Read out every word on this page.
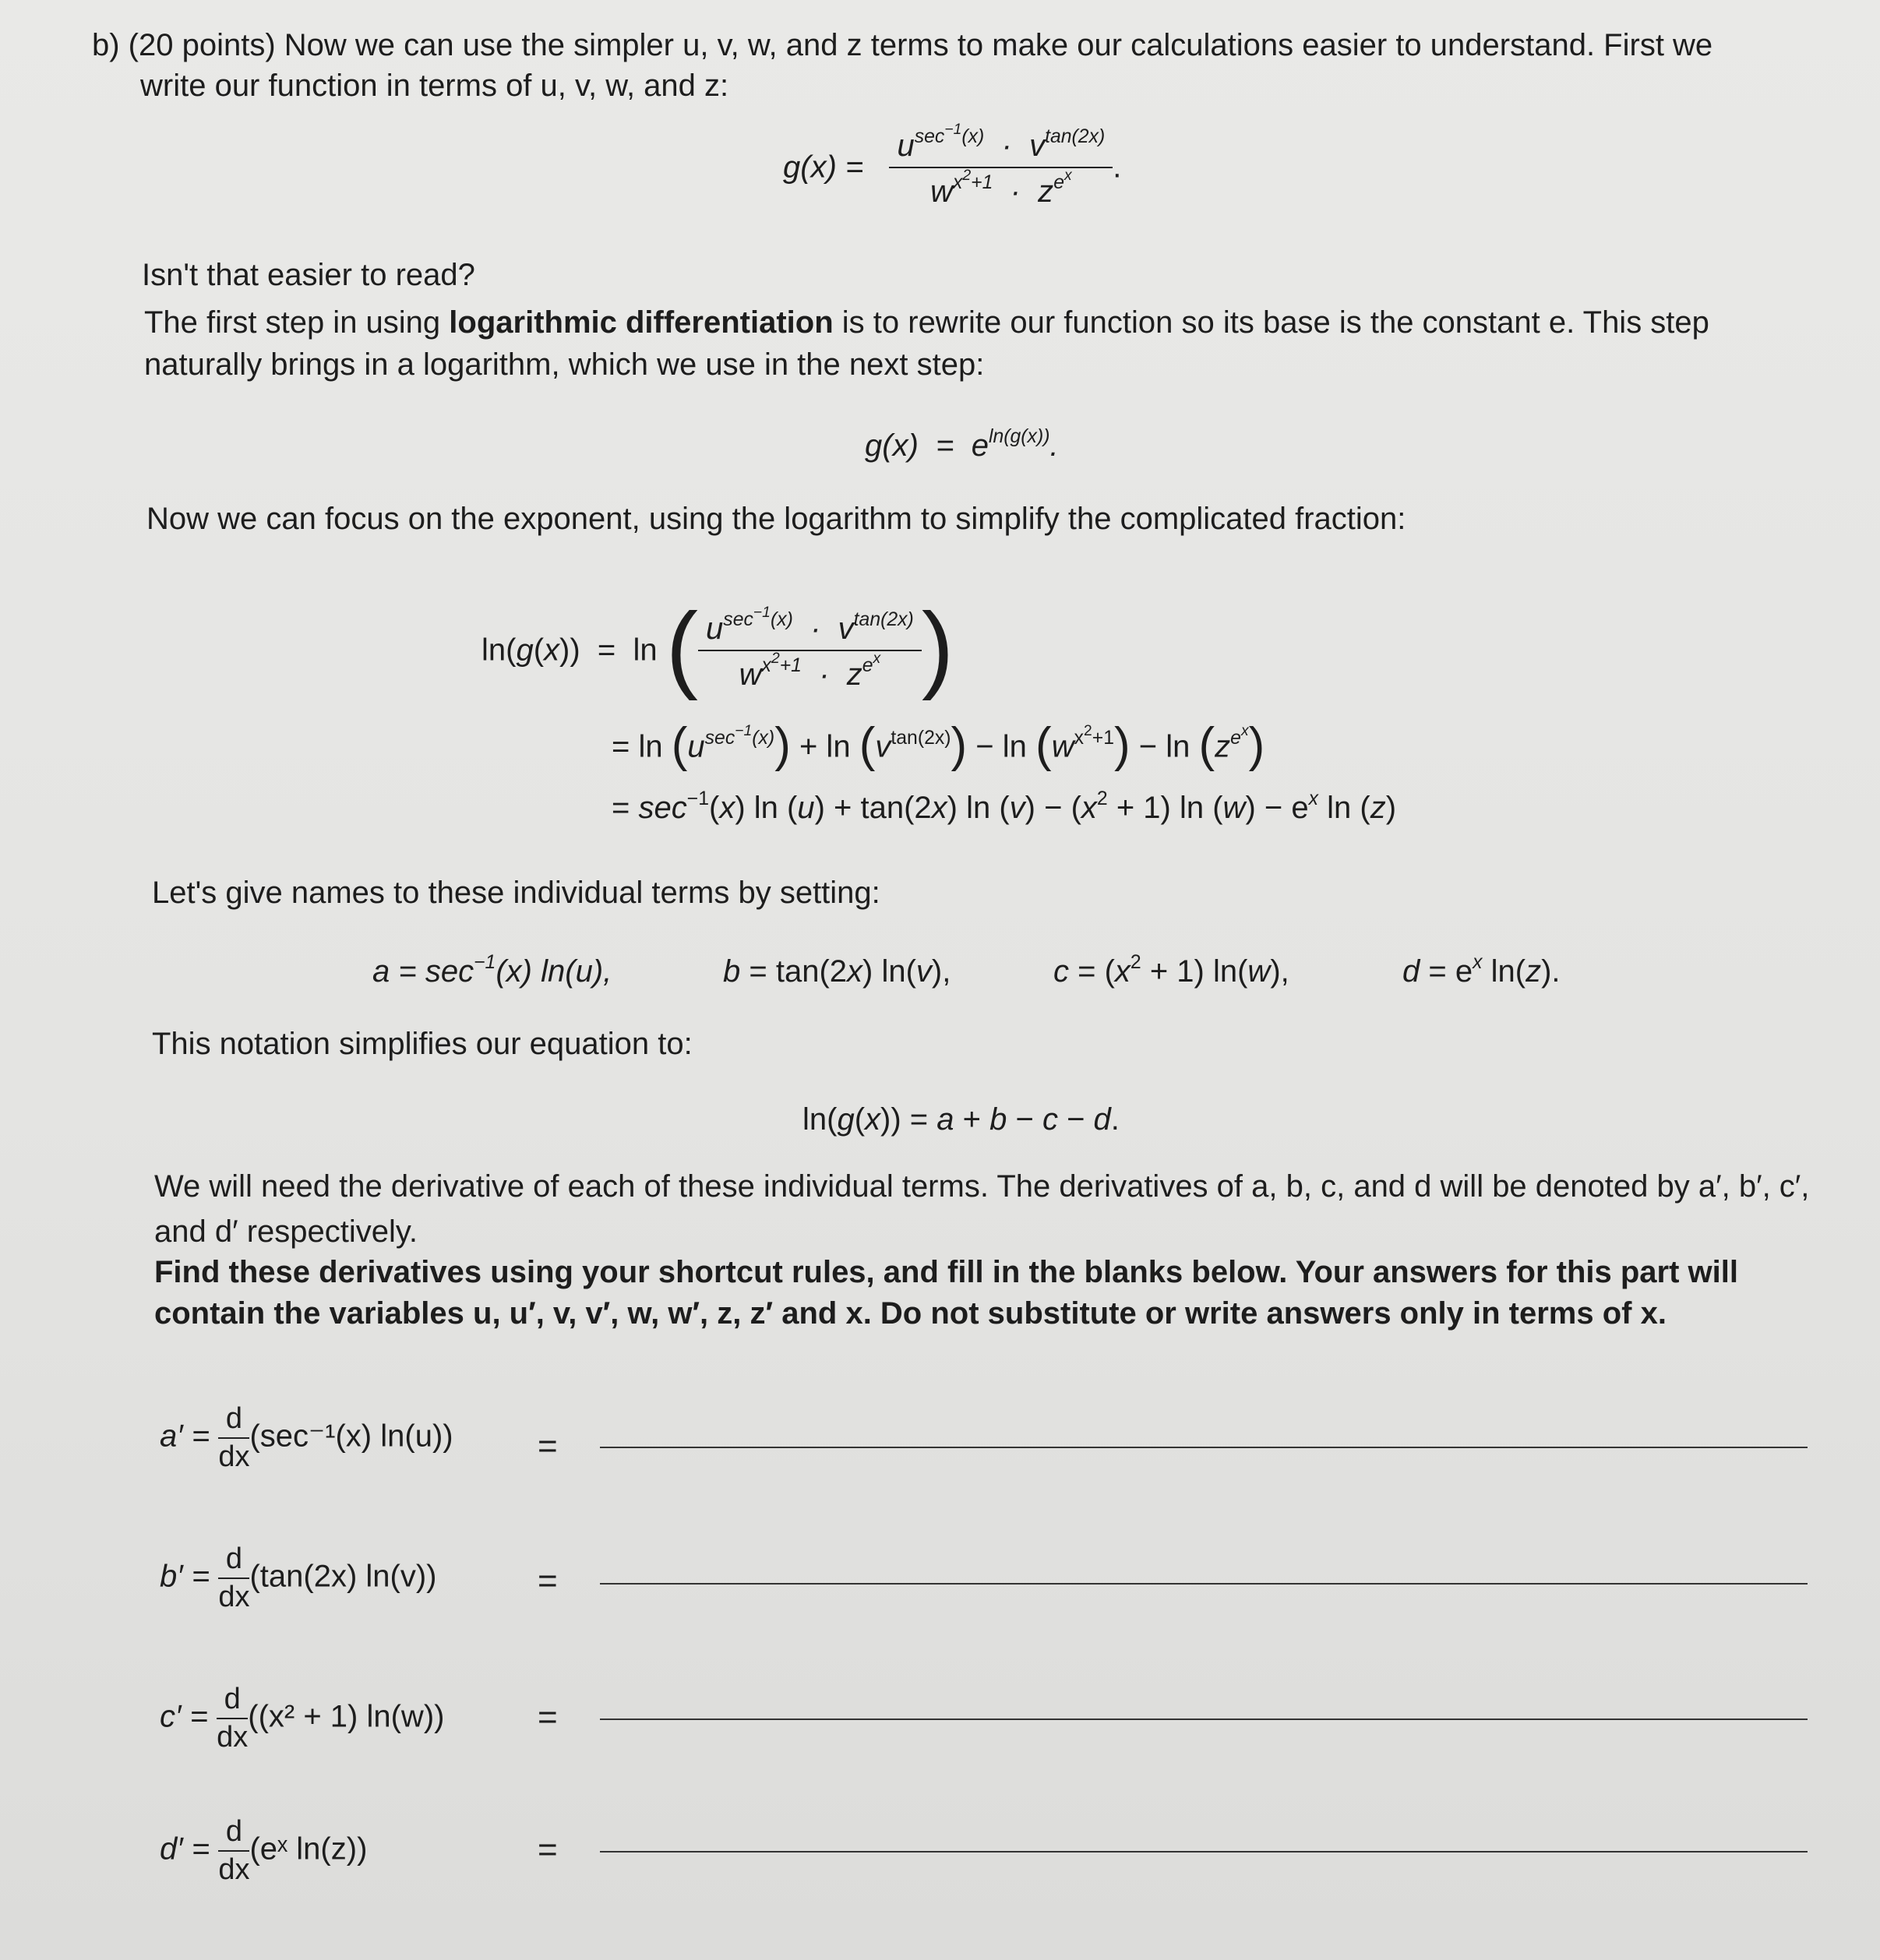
b) (20 points) Now we can use the simpler u, v, w, and z terms to make our calculations easier to understand. First we
write our function in terms of u, v, w, and z:
$g(x) = \frac{u^{sec^{-1}(x)} \cdot v^{tan(2x)}}{w^{x^2+1} \cdot z^{e^x}}$ .
Isn't that easier to read?
The first step in using logarithmic differentiation is to rewrite our function so its base is the constant e. This step
naturally brings in a logarithm, which we use in the next step:
$g(x) = e^{ln(g(x))}$.
Now we can focus on the exponent, using the logarithm to simplify the complicated fraction:
ln(g(x))  =  ln ( $\frac{u^{sec^{-1}(x)} \cdot v^{tan(2x)}}{w^{x^2+1} \cdot z^{e^x}}$ )
= $\ln (u^{sec^{-1}(x)}) + \ln (v^{tan(2x)}) - \ln (w^{x^2+1}) - \ln (z^{e^x})$
= $\sec^{-1}(x)$ ln (u) + tan(2x) $\ln (v) - (x^2 + 1)$ $\ln (w) - e^x$ ln (z)
Let's give names to these individual terms by setting:
$a = \sec^{-1}(x)$ ln(u),	b = tan(2x) ln(v),	$c = (x^2 + 1)$ ln(w),	$d = e^x$ ln(z).
This notation simplifies our equation to:
ln(g(x)) = a + b − c − d.
We will need the derivative of each of these individual terms. The derivatives of a, b, c, and d will be denoted by a′, b′, c′,
and d′ respectively.
Find these derivatives using your shortcut rules, and fill in the blanks below. Your answers for this part will
contain the variables u, u′, v, v′, w, w′, z, z′ and x. Do not substitute or write answers only in terms of x.
$a' = \frac{d}{dx} (\sec^{-1}(x) \ln(u))$ =
$b' = \frac{d}{dx} (\tan(2x)$ ln(v))	=
$c' = \frac{d}{dx} ((x^2 + 1)$ ln(w))	=
$d' = \frac{d}{dx}$ (eˣ ln(z))	=
